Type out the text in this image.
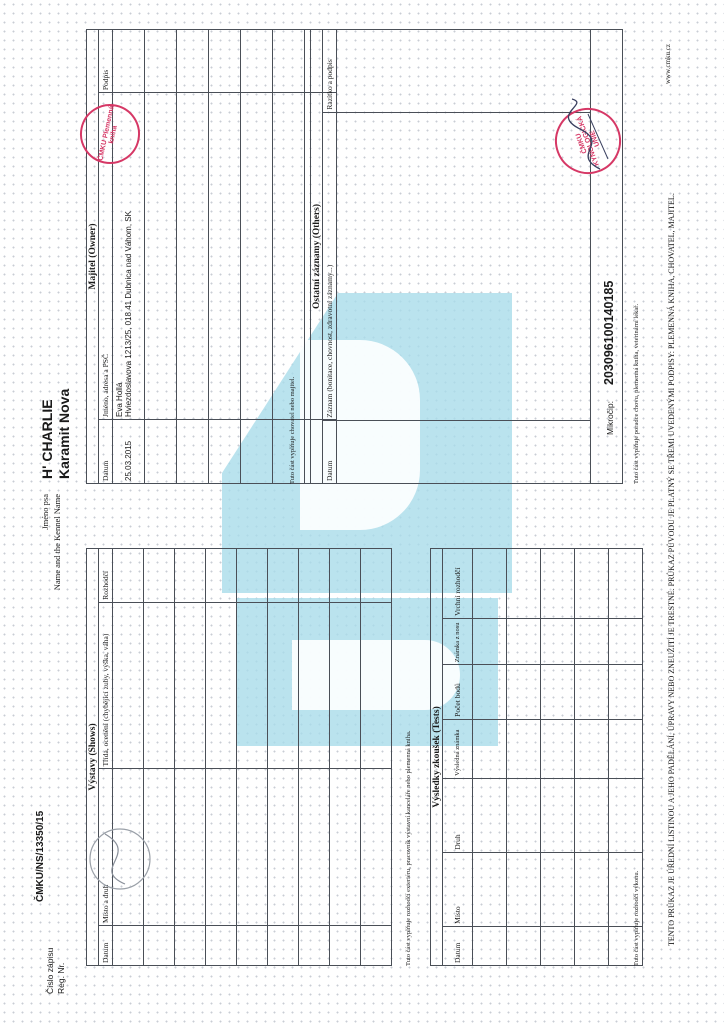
Číslo zápisu Reg. Nr.
ČMKU/NS/13350/15
Jméno psa Name and the Kennel Name
H' CHARLIE Karamit Nova
Výstavy (Shows)			
Datum	Místo a druh	Třída, ocenění (chybějící zuby, výška, váha)	Rozhodčí

Tuto část vyplňuje rozhodčí exteriéru, pracovník výstavní kanceláře nebo plemenná kniha. Výsledky zkoušek (Tests)						
Datum	Místo	Druh	Výsledná známka	Počet bodů	Známka z nosu	Vrchní rozhodčí

Tuto část vyplňuje rozhodčí výkonu.
Majitel (Owner)		
Datum	Jméno, adresa a PSČ	Podpis
25.03.2015	Eva Hollá Hviezdoslavova 1213/25, 018 41 Dubnica nad Váhom, SK	

Tuto část vyplňuje chovatel nebo majitel.
Ostatní záznamy (Others)		
Datum	Záznam (bonitace, chovnost, zdravotní záznamy...)	Razítko a podpis

Mikročip: 203096100140185			Tuto část vyplňuje poradce chovu, plemenná kniha, veterinární lékař.	TENTO PRŮKAZ JE ÚŘEDNÍ LISTINOU A JEHO PADĚLÁNÍ, ÚPRAVY NEBO ZNEUŽITÍ JE TRESTNÉ. PRŮKAZ PŮVODU JE PLATNÝ SE TŘEMI UVEDENÝMI PODPISY: PLEMENNÁ KNIHA, CHOVATEL, MAJITEL.
www.cmku.cz
ČMKU Plemenná kniha	ČMKU KYNOLOGICKÁ UNIE
